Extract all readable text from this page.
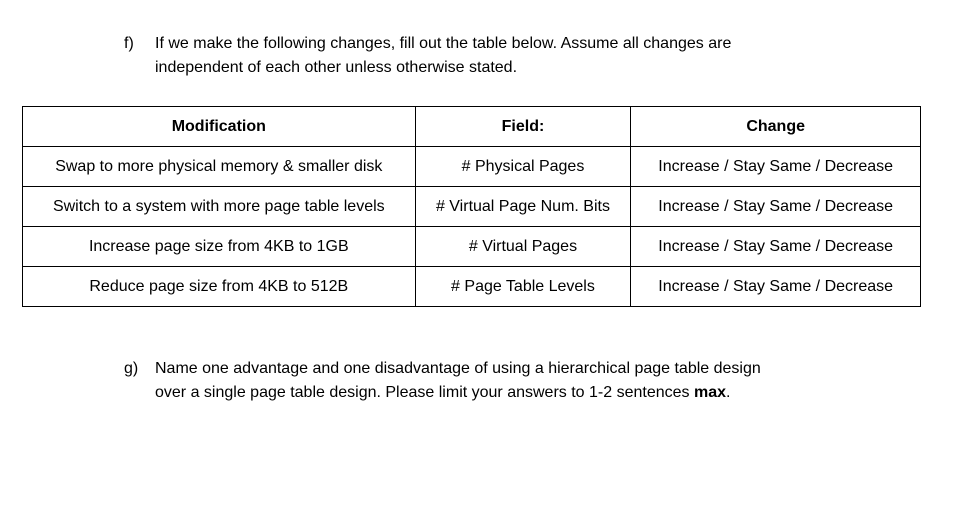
f) If we make the following changes, fill out the table below. Assume all changes are
independent of each other unless otherwise stated.
Modification	Field:	Change
Swap to more physical memory & smaller disk	# Physical Pages	Increase / Stay Same / Decrease
Switch to a system with more page table levels	# Virtual Page Num. Bits	Increase / Stay Same / Decrease
Increase page size from 4KB to 1GB	# Virtual Pages	Increase / Stay Same / Decrease
Reduce page size from 4KB to 512B	# Page Table Levels	Increase / Stay Same / Decrease
g) Name one advantage and one disadvantage of using a hierarchical page table design
over a single page table design. Please limit your answers to 1-2 sentences max.
